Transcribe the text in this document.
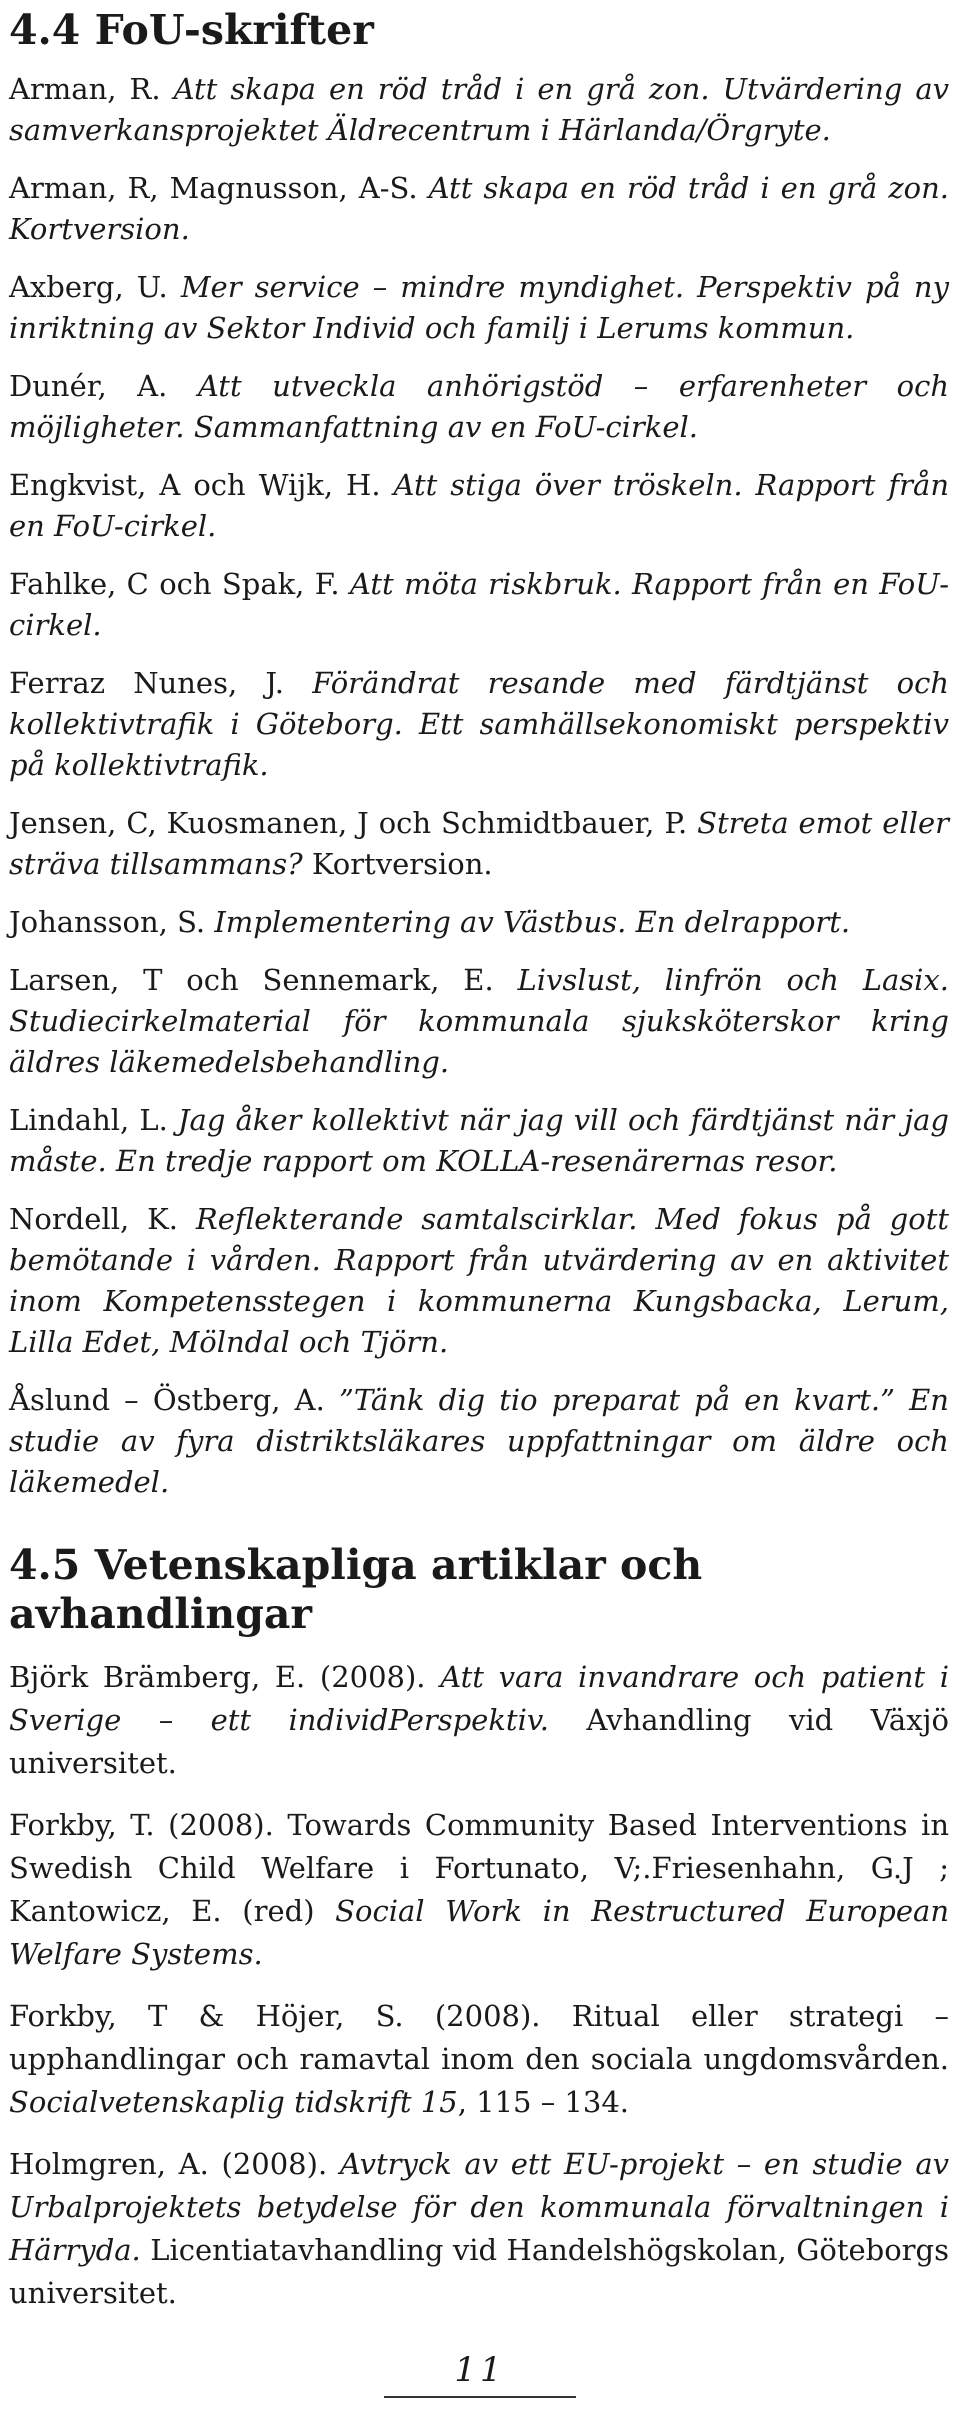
4.4 FoU-skrifter

Arman, R. Att skapa en röd tråd i en grå zon. Utvärdering av samverkansprojektet Äldrecentrum i Härlanda/Örgryte.

Arman, R, Magnusson, A-S. Att skapa en röd tråd i en grå zon. Kortversion.

Axberg, U. Mer service – mindre myndighet. Perspektiv på ny inriktning av Sektor Individ och familj i Lerums kommun.

Dunér, A. Att utveckla anhörigstöd – erfarenheter och möjligheter. Sammanfattning av en FoU-cirkel.

Engkvist, A och Wijk, H. Att stiga över tröskeln. Rapport från en FoU-cirkel.

Fahlke, C och Spak, F. Att möta riskbruk. Rapport från en FoU-cirkel.

Ferraz Nunes, J. Förändrat resande med färdtjänst och kollektivtrafik i Göteborg. Ett samhällsekonomiskt perspektiv på kollektivtrafik.

Jensen, C, Kuosmanen, J och Schmidtbauer, P. Streta emot eller sträva tillsammans? Kortversion.

Johansson, S. Implementering av Västbus. En delrapport.

Larsen, T och Sennemark, E. Livslust, linfrön och Lasix. Studiecirkelmaterial för kommunala sjuksköterskor kring äldres läkemedelsbehandling.

Lindahl, L. Jag åker kollektivt när jag vill och färdtjänst när jag måste. En tredje rapport om KOLLA-resenärernas resor.

Nordell, K. Reflekterande samtalscirklar. Med fokus på gott bemötande i vården. Rapport från utvärdering av en aktivitet inom Kompetensstegen i kommunerna Kungsbacka, Lerum, Lilla Edet, Mölndal och Tjörn.

Åslund – Östberg, A. ”Tänk dig tio preparat på en kvart.” En studie av fyra distriktsläkares uppfattningar om äldre och läkemedel.

4.5 Vetenskapliga artiklar och avhandlingar

Björk Brämberg, E. (2008). Att vara invandrare och patient i Sverige – ett individPerspektiv. Avhandling vid Växjö universitet.

Forkby, T. (2008). Towards Community Based Interventions in Swedish Child Welfare i Fortunato, V;.Friesenhahn, G.J ; Kantowicz, E. (red) Social Work in Restructured European Welfare Systems.

Forkby, T & Höjer, S. (2008). Ritual eller strategi – upphandlingar och ramavtal inom den sociala ungdomsvården. Socialvetenskaplig tidskrift 15, 115 – 134.

Holmgren, A. (2008). Avtryck av ett EU-projekt – en studie av Urbalprojektets betydelse för den kommunala förvaltningen i Härryda. Licentiatavhandling vid Handelshögskolan, Göteborgs universitet.

11
